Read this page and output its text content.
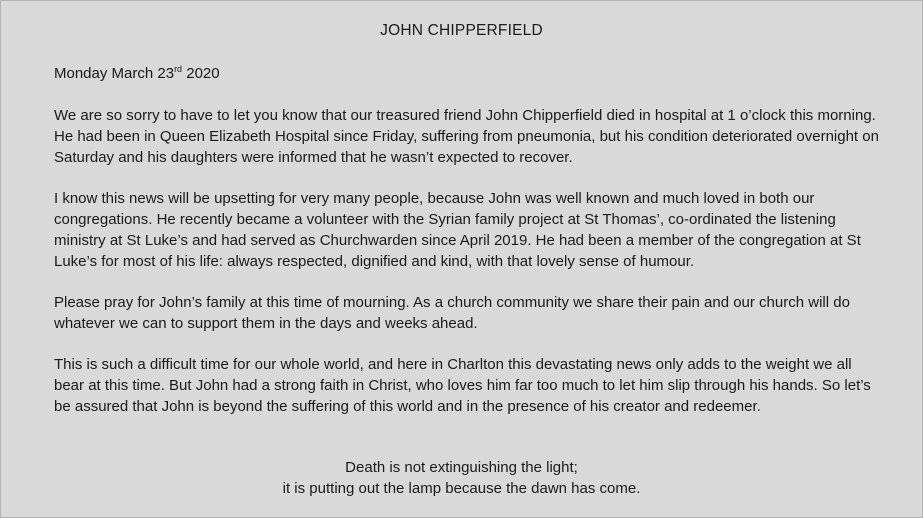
JOHN CHIPPERFIELD
Monday March 23rd 2020

We are so sorry to have to let you know that our treasured friend John Chipperfield died in hospital at 1 o’clock this morning. He had been in Queen Elizabeth Hospital since Friday, suffering from pneumonia, but his condition deteriorated overnight on Saturday and his daughters were informed that he wasn’t expected to recover.

I know this news will be upsetting for very many people, because John was well known and much loved in both our congregations. He recently became a volunteer with the Syrian family project at St Thomas’, co-ordinated the listening ministry at St Luke’s and had served as Churchwarden since April 2019. He had been a member of the congregation at St Luke’s for most of his life: always respected, dignified and kind, with that lovely sense of humour.

Please pray for John’s family at this time of mourning. As a church community we share their pain and our church will do whatever we can to support them in the days and weeks ahead.

This is such a difficult time for our whole world, and here in Charlton this devastating news only adds to the weight we all bear at this time. But John had a strong faith in Christ, who loves him far too much to let him slip through his hands. So let’s be assured that John is beyond the suffering of this world and in the presence of his creator and redeemer.

Death is not extinguishing the light;
it is putting out the lamp because the dawn has come.
